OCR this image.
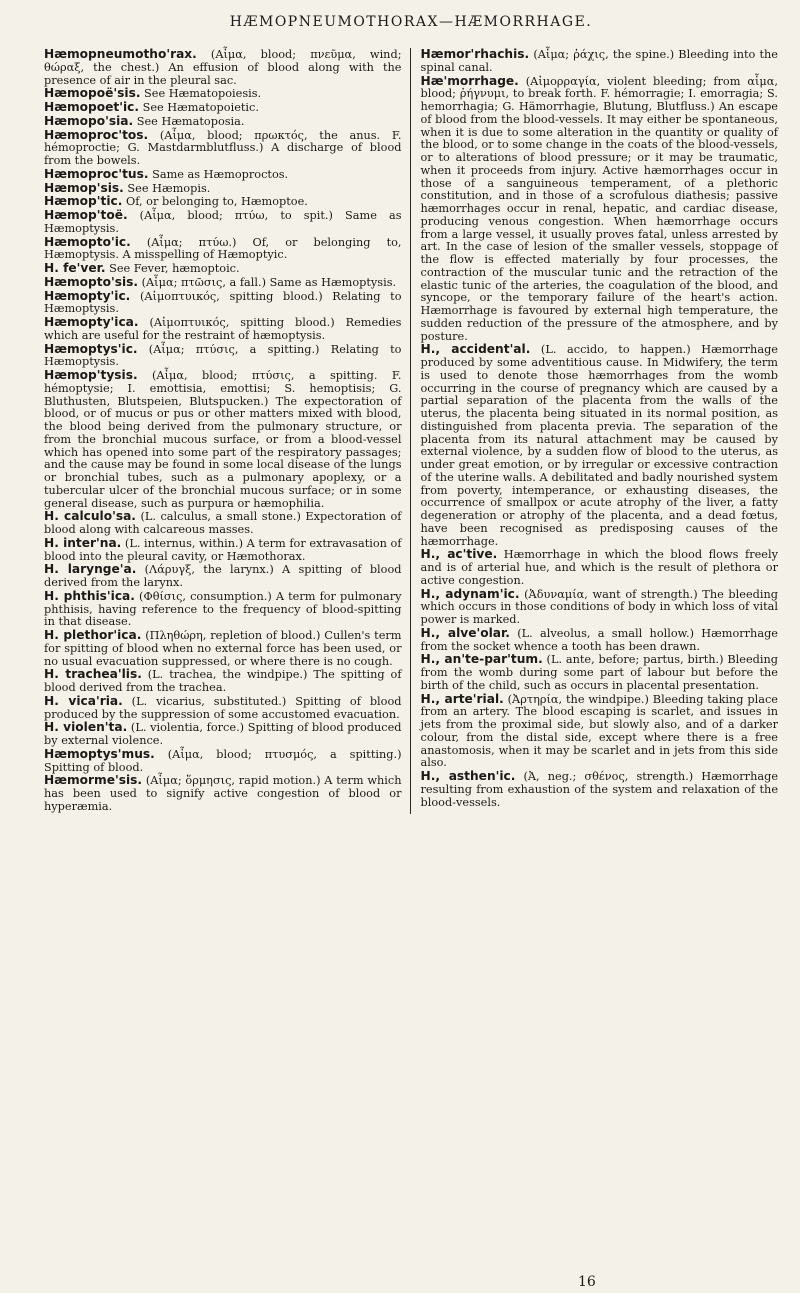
HÆMOPNEUMOTHORAX—HÆMORRHAGE.
Hæmopneumotho'rax. (Αἷμα, blood; πνεῦμα, wind; θώραξ, the chest.) An effusion of blood along with the presence of air in the pleural sac.
Hæmopoë'sis. See Hæmatopoiesis.
Hæmopoet'ic. See Hæmatopoietic.
Hæmopo'sia. See Hæmatoposia.
Hæmoproc'tos. (Αἷμα, blood; πρωκτός, the anus. F. hémoproctie; G. Mastdarmblutfluss.) A discharge of blood from the bowels.
Hæmoproc'tus. Same as Hæmoproctos.
Hæmop'sis. See Hæmopis.
Hæmop'tic. Of, or belonging to, Hæmoptoe.
Hæmop'toë. (Αἷμα, blood; πτύω, to spit.) Same as Hæmoptysis.
Hæmopto'ic. (Αἷμα; πτύω.) Of, or belonging to, Hæmoptysis. A misspelling of Hæmoptyic.
H. fe'ver. See Fever, hæmoptoic.
Hæmopto'sis. (Αἷμα; πτῶσις, a fall.) Same as Hæmoptysis.
Hæmopty'ic. (Αἱμοπτυικός, spitting blood.) Relating to Hæmoptysis.
Hæmopty'ica. (Αἱμοπτυικός, spitting blood.) Remedies which are useful for the restraint of hæmoptysis.
Hæmoptys'ic. (Αἷμα; πτύσις, a spitting.) Relating to Hæmoptysis.
Hæmop'tysis. (Αἷμα, blood; πτύσις, a spitting. F. hémoptysie; I. emottisia, emottisi; S. hemoptisis; G. Bluthusten, Blutspeien, Blutspucken.) The expectoration of blood, or of mucus or pus or other matters mixed with blood, the blood being derived from the pulmonary structure, or from the bronchial mucous surface, or from a blood-vessel which has opened into some part of the respiratory passages; and the cause may be found in some local disease of the lungs or bronchial tubes, such as a pulmonary apoplexy, or a tubercular ulcer of the bronchial mucous surface; or in some general disease, such as purpura or hæmophilia.
H. calculo'sa. (L. calculus, a small stone.) Expectoration of blood along with calcareous masses.
H. inter'na. (L. internus, within.) A term for extravasation of blood into the pleural cavity, or Hæmothorax.
H. larynge'a. (Λάρυγξ, the larynx.) A spitting of blood derived from the larynx.
H. phthis'ica. (Φθίσις, consumption.) A term for pulmonary phthisis, having reference to the frequency of blood-spitting in that disease.
H. plethor'ica. (Πληθώρη, repletion of blood.) Cullen's term for spitting of blood when no external force has been used, or no usual evacuation suppressed, or where there is no cough.
H. trachea'lis. (L. trachea, the windpipe.) The spitting of blood derived from the trachea.
H. vica'ria. (L. vicarius, substituted.) Spitting of blood produced by the suppression of some accustomed evacuation.
H. violen'ta. (L. violentia, force.) Spitting of blood produced by external violence.
Hæmoptys'mus. (Αἷμα, blood; πτυσμός, a spitting.) Spitting of blood.
Hæmorme'sis. (Αἷμα; ὅρμησις, rapid motion.) A term which has been used to signify active congestion of blood or hyperæmia.
Hæmor'rhachis. (Αἷμα; ῥάχις, the spine.) Bleeding into the spinal canal.
Hæ'morrhage. (Αἱμορραγία, violent bleeding; from αἷμα, blood; ῥήγνυμι, to break forth. F. hémorragie; I. emorragia; S. hemorrhagia; G. Hämorrhagie, Blutung, Blutfluss.) An escape of blood from the blood-vessels. It may either be spontaneous, when it is due to some alteration in the quantity or quality of the blood, or to some change in the coats of the blood-vessels, or to alterations of blood pressure; or it may be traumatic, when it proceeds from injury. Active hæmorrhages occur in those of a sanguineous temperament, of a plethoric constitution, and in those of a scrofulous diathesis; passive hæmorrhages occur in renal, hepatic, and cardiac disease, producing venous congestion. When hæmorrhage occurs from a large vessel, it usually proves fatal, unless arrested by art. In the case of lesion of the smaller vessels, stoppage of the flow is effected materially by four processes, the contraction of the muscular tunic and the retraction of the elastic tunic of the arteries, the coagulation of the blood, and syncope, or the temporary failure of the heart's action. Hæmorrhage is favoured by external high temperature, the sudden reduction of the pressure of the atmosphere, and by posture.
H., accident'al. (L. accido, to happen.) Hæmorrhage produced by some adventitious cause. In Midwifery, the term is used to denote those hæmorrhages from the womb occurring in the course of pregnancy which are caused by a partial separation of the placenta from the walls of the uterus, the placenta being situated in its normal position, as distinguished from placenta previa. The separation of the placenta from its natural attachment may be caused by external violence, by a sudden flow of blood to the uterus, as under great emotion, or by irregular or excessive contraction of the uterine walls. A debilitated and badly nourished system from poverty, intemperance, or exhausting diseases, the occurrence of smallpox or acute atrophy of the liver, a fatty degeneration or atrophy of the placenta, and a dead fœtus, have been recognised as predisposing causes of the hæmorrhage.
H., ac'tive. Hæmorrhage in which the blood flows freely and is of arterial hue, and which is the result of plethora or active congestion.
H., adynam'ic. (Ἀδυναμία, want of strength.) The bleeding which occurs in those conditions of body in which loss of vital power is marked.
H., alve'olar. (L. alveolus, a small hollow.) Hæmorrhage from the socket whence a tooth has been drawn.
H., an'te-par'tum. (L. ante, before; partus, birth.) Bleeding from the womb during some part of labour but before the birth of the child, such as occurs in placental presentation.
H., arte'rial. (Ἀρτηρία, the windpipe.) Bleeding taking place from an artery. The blood escaping is scarlet, and issues in jets from the proximal side, but slowly also, and of a darker colour, from the distal side, except where there is a free anastomosis, when it may be scarlet and in jets from this side also.
H., asthen'ic. (Ἀ, neg.; σθένος, strength.) Hæmorrhage resulting from exhaustion of the system and relaxation of the blood-vessels.
16
